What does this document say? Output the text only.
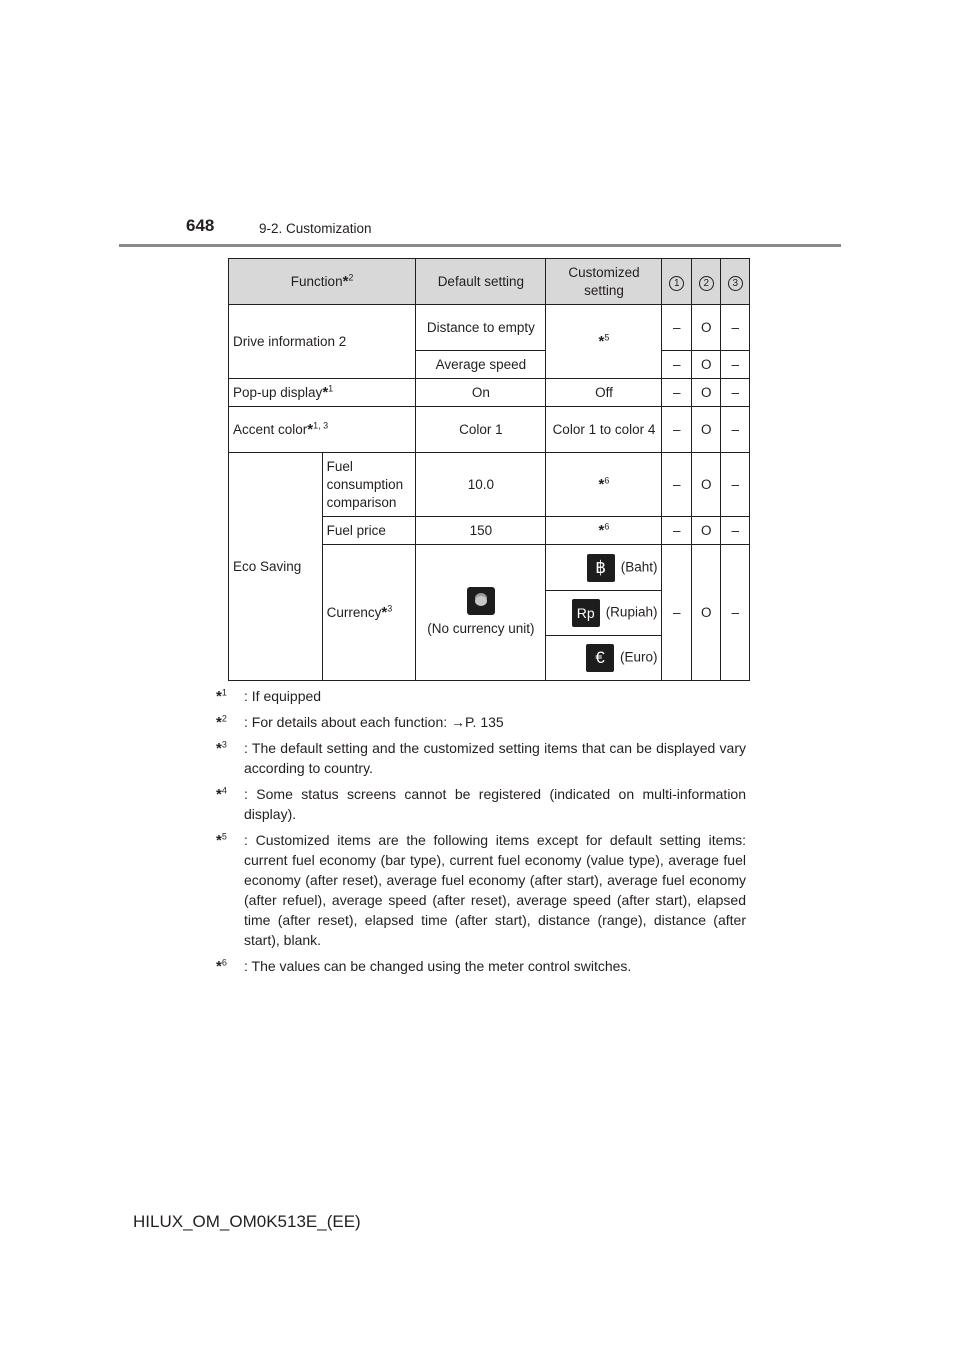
648	9-2. Customization
Function*$^2$		Default setting	Customized setting	1	2	3
Drive information 2		Distance to empty	*$^5$	–	O	–
		Average speed		–	O	–
Pop-up display*$^1$		On	Off	–	O	–
Accent color*$^{1, 3}$		Color 1	Color 1 to color 4	–	O	–
Eco Saving	Fuel consumption comparison	10.0	*$^6$	–	O	–
	Fuel price	150	*$^6$	–	O	–
	Currency*$^3$	(No currency unit)	฿ (Baht)	–	O	–
			Rp (Rupiah)			
			€ (Euro)			
*$^1$ : If equipped
*$^2$ : For details about each function: →P. 135
*$^3$ : The default setting and the customized setting items that can be displayed vary according to country.
*$^4$ : Some status screens cannot be registered (indicated on multi-information display).
*$^5$ : Customized items are the following items except for default setting items: current fuel economy (bar type), current fuel economy (value type), average fuel economy (after reset), average fuel economy (after start), average fuel economy (after refuel), average speed (after reset), average speed (after start), elapsed time (after reset), elapsed time (after start), distance (range), distance (after start), blank.
*$^6$ : The values can be changed using the meter control switches.
HILUX_OM_OM0K513E_(EE)
